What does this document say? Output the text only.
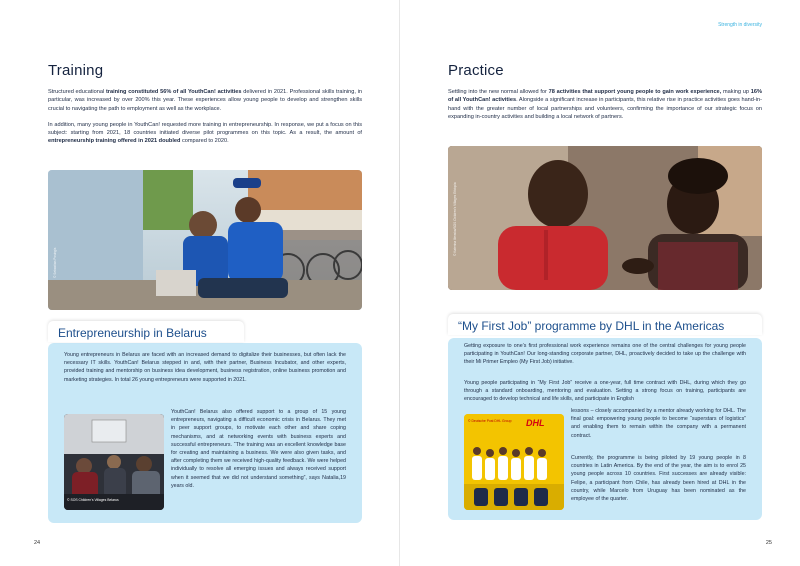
Training

Structured educational training constituted 56% of all YouthCan! activities delivered in 2021. Professional skills training, in particular, was increased by over 200% this year. These experiences allow young people to develop and strengthen skills crucial to navigating the path to employment as well as the workplace.

In addition, many young people in YouthCan! requested more training in entrepreneurship. In response, we put a focus on this subject: starting from 2021, 18 countries initiated diverse pilot programmes on this topic. As a result, the amount of entrepreneurship training offered in 2021 doubled compared to 2020.

© Sebastian Posingis
Entrepreneurship in Belarus
Young entrepreneurs in Belarus are faced with an increased demand to digitalize their businesses, but often lack the necessary IT skills. YouthCan! Belarus stepped in and, with their partner, Business Incubator, and other experts, provided training and mentorship on business idea development, business registration, online business promotion and marketing strategies. In total 26 young entrepreneurs were supported in 2021.
© SOS Children's Villages Belarus
YouthCan! Belarus also offered support to a group of 15 young entrepreneurs, navigating a difficult economic crisis in Belarus. They met in peer support groups, to motivate each other and share coping mechanisms, and at networking events with business experts and successful entrepreneurs. “The training was an excellent knowledge base for creating and maintaining a business. We were also given tasks, and after completing them we received high-quality feedback. We were helped individually to resolve all emerging issues and always received support when it seemed that we did not understand something”, says Natalia,19 years old.
24
Strength in diversity
Practice

Settling into the new normal allowed for 78 activities that support young people to gain work experience, making up 16% of all YouthCan! activities. Alongside a significant increase in participants, this relative rise in practice activities goes hand-in-hand with the greater number of local partnerships and volunteers, confirming the importance of our strategic focus on expanding in-country activities and building a local network of partners.

© Katerina Ilievska/SOS Children's Villages Ethiopia
“My First Job” programme by DHL in the Americas
Getting exposure to one’s first professional work experience remains one of the central challenges for young people participating in YouthCan! Our long-standing corporate partner, DHL, proactively decided to take up the challenge with their Mi Primer Empleo (My First Job) initiative.
Young people participating in “My First Job” receive a one-year, full time contract with DHL, during which they go through a standard onboarding, mentoring and evaluation. Setting a strong focus on training, participants are encouraged to develop technical and life skills, and participate in English
DHL
© Deutsche Post DHL Group
lessons – closely accompanied by a mentor already working for DHL. The final goal: empowering young people to become “superstars of logistics” and enabling them to remain within the company with a permanent contract.
Currently, the programme is being piloted by 19 young people in 8 countries in Latin America. By the end of the year, the aim is to enrol 25 young people across 10 countries. First successes are already visible: Felipe, a participant from Chile, has already been hired at DHL in the country, while Marcelo from Uruguay has been nominated as the employee of the quarter.
25
